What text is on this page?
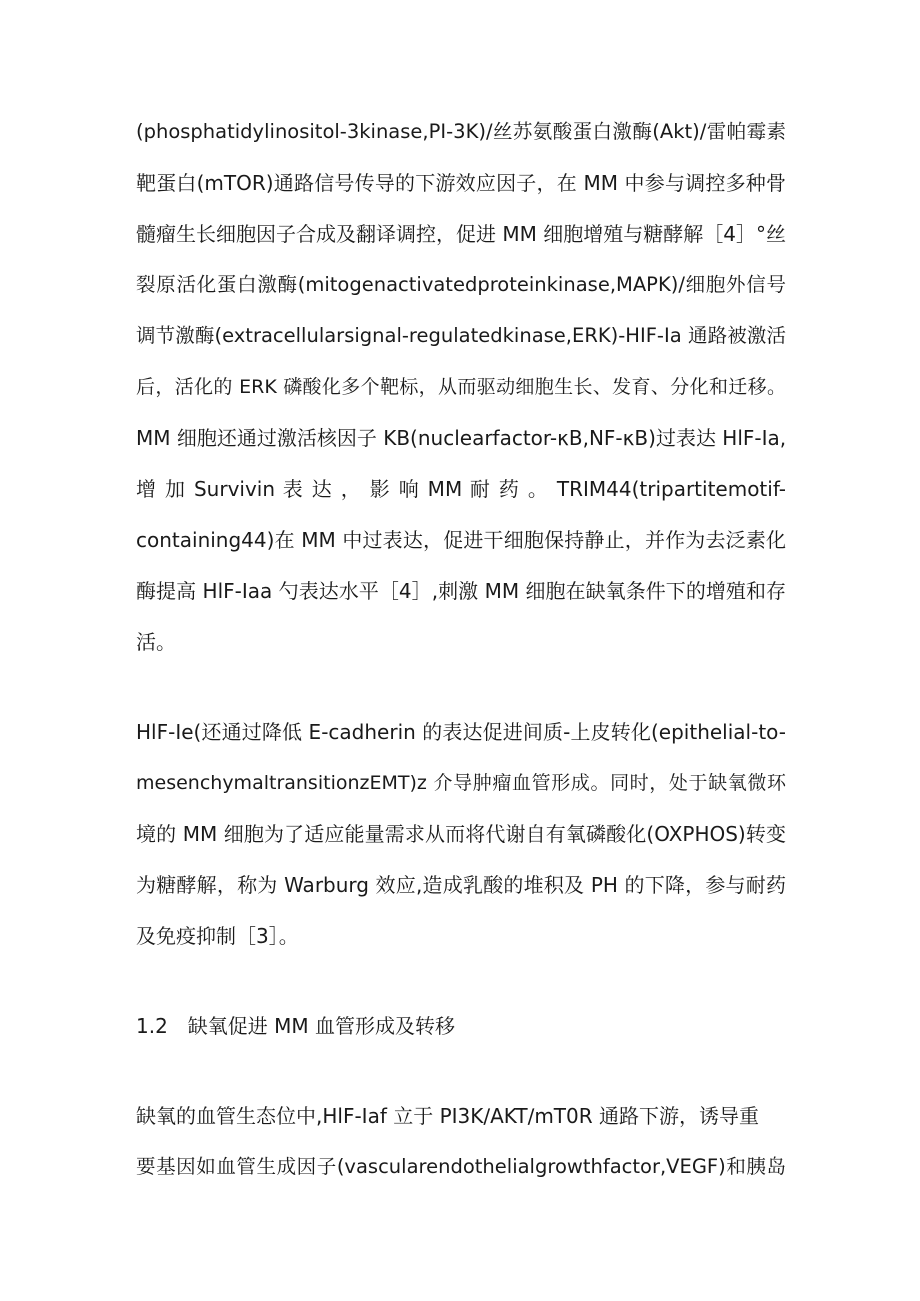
(phosphatidylinositol-3kinase,PI-3K)/丝苏氨酸蛋白激酶(Akt)/雷帕霉素
靶蛋白(mTOR)通路信号传导的下游效应因子，在 MM 中参与调控多种骨
髓瘤生长细胞因子合成及翻译调控，促进 MM 细胞增殖与糖酵解［4］°丝
裂原活化蛋白激酶(mitogenactivatedproteinkinase,MAPK)/细胞外信号
调节激酶(extracellularsignal-regulatedkinase,ERK)-HIF-Ia 通路被激活
后，活化的 ERK 磷酸化多个靶标，从而驱动细胞生长、发育、分化和迁移。
MM 细胞还通过激活核因子 KB(nuclearfactor-κB,NF-κB)过表达 HlF-Ia,
增 加 Survivin 表 达 ， 影 响 MM 耐 药 。 TRIM44(tripartitemotif-
containing44)在 MM 中过表达，促进干细胞保持静止，并作为去泛素化
酶提高 HlF-Iaa 勺表达水平［4］,刺激 MM 细胞在缺氧条件下的增殖和存
活。
HlF-Ie(还通过降低 E-cadherin 的表达促进间质-上皮转化(epithelial-to-
mesenchymaltransitionzEMT)z 介导肿瘤血管形成。同时，处于缺氧微环
境的 MM 细胞为了适应能量需求从而将代谢自有氧磷酸化(OXPHOS)转变
为糖酵解，称为 Warburg 效应,造成乳酸的堆积及 PH 的下降，参与耐药
及免疫抑制［3］。
1.2　缺氧促进 MM 血管形成及转移
缺氧的血管生态位中,HlF-Iaf 立于 PI3K∕AKT∕mT0R 通路下游，诱导重
要基因如血管生成因子(vascularendothelialgrowthfactor,VEGF)和胰岛
